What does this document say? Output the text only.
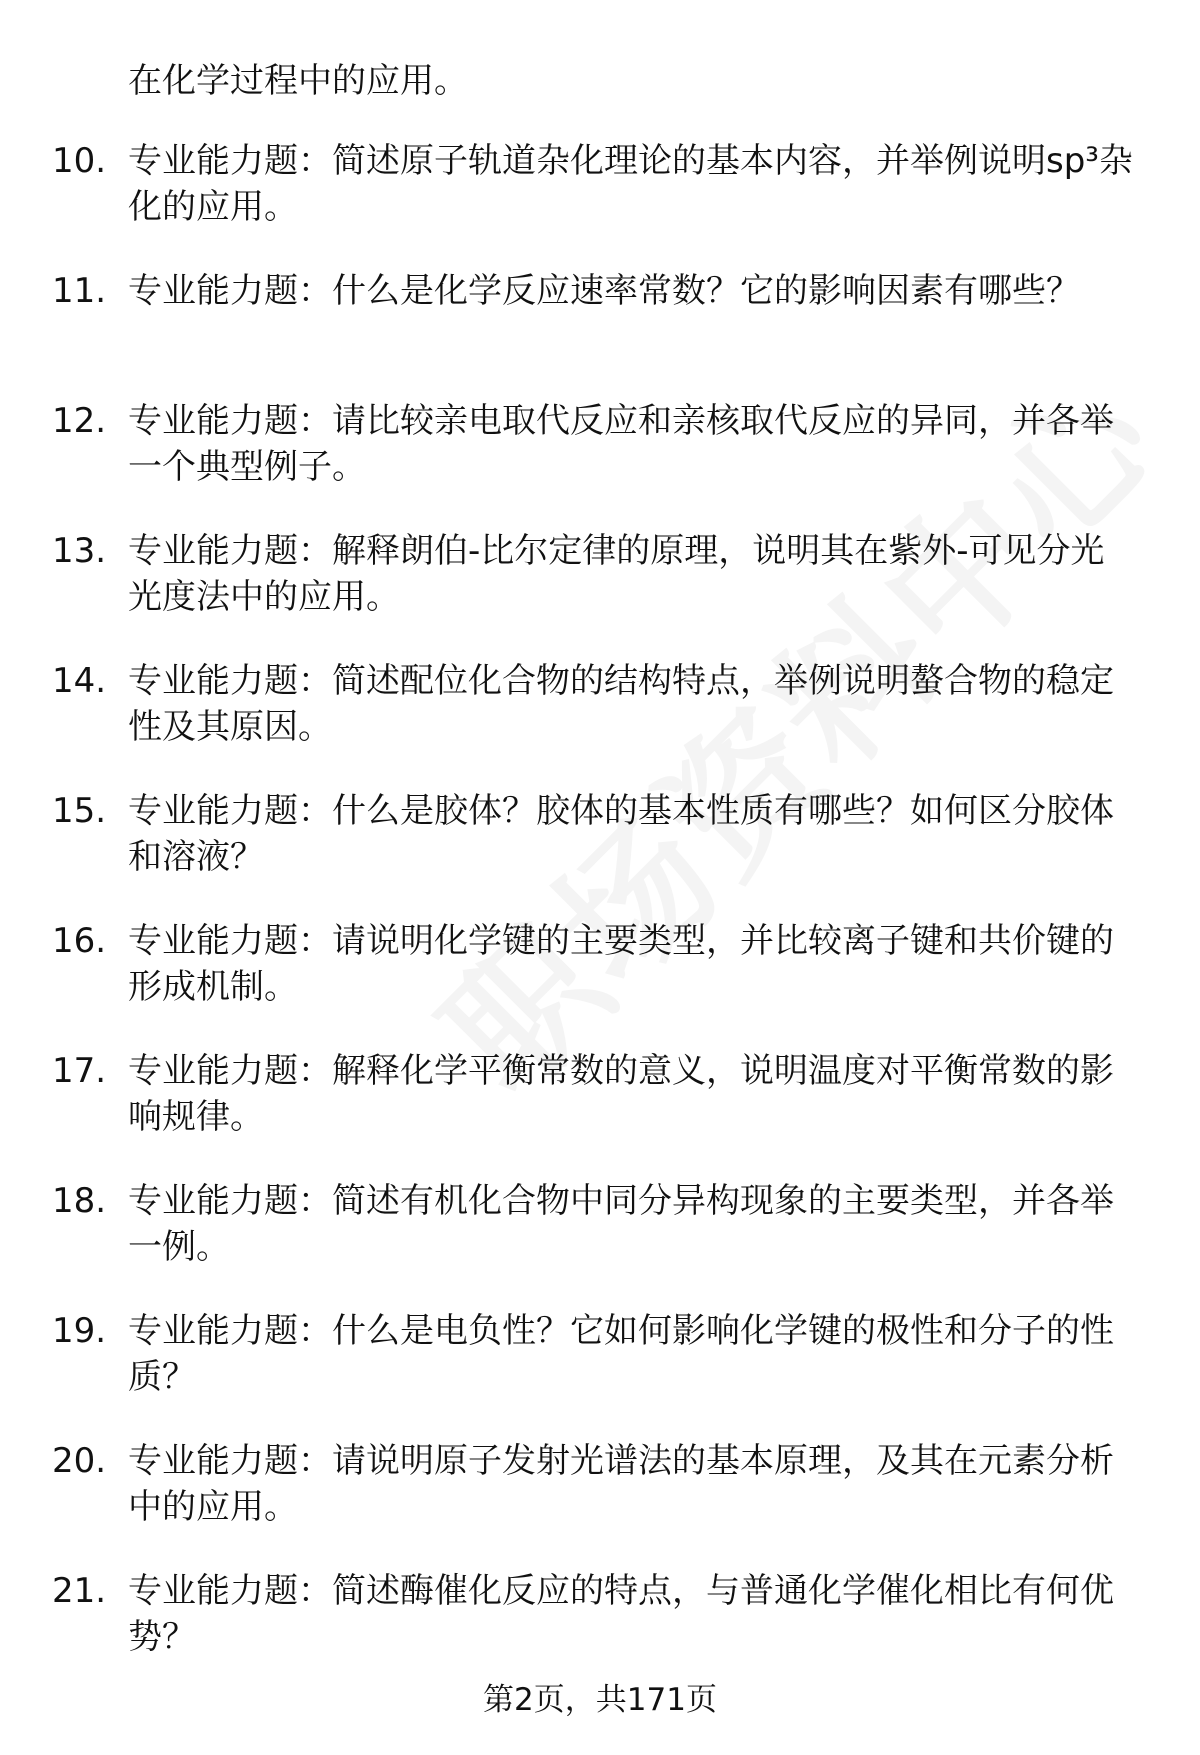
在化学过程中的应用。
10. 专业能力题：简述原子轨道杂化理论的基本内容，并举例说明sp³杂化的应用。
11. 专业能力题：什么是化学反应速率常数？它的影响因素有哪些？
12. 专业能力题：请比较亲电取代反应和亲核取代反应的异同，并各举一个典型例子。
13. 专业能力题：解释朗伯-比尔定律的原理，说明其在紫外-可见分光光度法中的应用。
14. 专业能力题：简述配位化合物的结构特点，举例说明螯合物的稳定性及其原因。
15. 专业能力题：什么是胶体？胶体的基本性质有哪些？如何区分胶体和溶液？
16. 专业能力题：请说明化学键的主要类型，并比较离子键和共价键的形成机制。
17. 专业能力题：解释化学平衡常数的意义，说明温度对平衡常数的影响规律。
18. 专业能力题：简述有机化合物中同分异构现象的主要类型，并各举一例。
19. 专业能力题：什么是电负性？它如何影响化学键的极性和分子的性质？
20. 专业能力题：请说明原子发射光谱法的基本原理，及其在元素分析中的应用。
21. 专业能力题：简述酶催化反应的特点，与普通化学催化相比有何优势？
第2页，共171页
